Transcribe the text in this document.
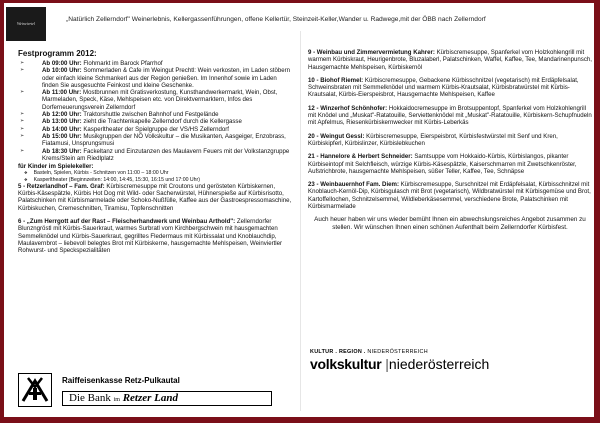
Weinviertel
„Natürlich Zellerndorf" Weinerlebnis, Kellergassenführungen, offene Kellertür, Steinzeit-Keller,Wander u. Radwege,mit der ÖBB nach Zellerndorf
Festprogramm 2012:
➢ Ab 09:00 Uhr: Flohmarkt im Barock Pfarrhof
➢ Ab 10:00 Uhr: Sommerladen & Cafe im Weingut Prechtl: Wein verkosten, im Laden stöbern oder einfach kleine Schmankerl aus der Region genießen. Im Innenhof sowie im Laden finden Sie ausgesuchte Feinkost und kleine Geschenke.
➢ Ab 11:00 Uhr: Mostbrunnen mit Gratisverkostung, Kunsthandwerkermarkt, Wein, Obst, Marmeladen, Speck, Käse, Mehlspeisen etc. von Direktvermarktern, Infos des Dorferneuerungsverein Zellerndorf
➢ Ab 12:00 Uhr: Traktorshuttle zwischen Bahnhof und Festgelände
➢ Ab 13:00 Uhr: zieht die Trachtenkapelle Zellerndorf durch die Kellergasse
➢ Ab 14:00 Uhr: Kasperltheater der Spielgruppe der VS/HS Zellerndorf
➢ Ab 15:00 Uhr: Musikgruppen der NÖ Volkskultur – die Musikanten, Aasgeiger, Enzobrass, Fiatamusi, Unsprungsmusi
➢ Ab 18:30 Uhr: Fackeltanz und Einzutanzen des Maulavern Feuers mit der Volkstanzgruppe Krems/Stein am Riedlplatz
für Kinder im Spielekeller:
❖ Basteln, Spielen, Kürbis - Schnitzen von 11:00 – 18:00 Uhr
❖ Kasperltheater (Beginnzeiten: 14:00, 14:45, 15:30, 16:15 und 17:00 Uhr)
5 - Retzerlandhof – Fam. Graf: Kürbiscremesuppe mit Croutons und gerösteten Kürbiskernen, Kürbis-Käsespätzle, Kürbis Hot Dog mit Wild- oder Sacherwürstel, Hühnerspieße auf Kürbisrisotto, Palatschinken mit Kürbismarmelade oder Schoko-Nußfülle, Kaffee aus der Gastroespressomaschine, Kürbiskuchen, Cremeschnitten, Tiramisu, Topfenschnitten
6 - „Zum Herrgott auf der Rast – Fleischerhandwerk und Weinbau Arthold": Zellerndorfer Blunzngröstl mit Kürbis-Sauerkraut, warmes Surbratl vom Kirchbergschwein mit hausgemachten Semmelknödel und Kürbis-Sauerkraut, gegrilltes Fledermaus mit Kürbissalat und Knoblauchdip, Maulavernbrot – liebevoll belegtes Brot mit Kürbiskerne, hausgemachte Mehlspeisen, Weinviertler Rohwurst- und Speckspezialitäten
9 - Weinbau und Zimmervermietung Kahrer: Kürbiscremesuppe, Spanferkel vom Holzkohlengrill mit warmem Kürbiskraut, Heurigenbrote, Bluzalaberl, Palatschinken, Waffel, Kaffee, Tee, Mandarinenpunsch, Hausgemachte Mehlspeisen, Kürbiskernöl
10 - Biohof Riemel: Kürbiscremesuppe, Gebackene Kürbisschnitzel (vegetarisch) mit Erdäpfelsalat, Schweinsbraten mit Semmelknödel und warmem Kürbis-Krautsalat, Kürbisbratwürstel mit Kürbis-Krautsalat, Kürbis-Eierspeisbrot, Hausgemachte Mehlspeisen, Kaffee
12 - Winzerhof Schönhofer: Hokkaidocremesuppe im Brotsuppentopf, Spanferkel vom Holzkohlengrill mit Knödel und „Muskat"-Ratatouille, Serviettenknödel mit „Muskat"-Ratatouille, Kürbiskern-Schupfnudeln mit Apfelmus, Riesenkürbiskernwecker mit Kürbis-Leberkäs
20 - Weingut Gessl: Kürbiscremesuppe, Eierspeisbrot, Kürbisfestwürstel mit Senf und Kren, Kürbiskipferl, Kürbislinzer, Kürbislebkuchen
21 - Hannelore & Herbert Schneider: Samtsuppe vom Hokkaido-Kürbis, Kürbislangos, pikanter Kürbiseintopf mit Selchfleisch, würzige Kürbis-Käsespätzle, Kaiserschmarren mit Zwetschkenröster, Aufstrichbrote, hausgemachte Mehlspeisen, süßer Teller, Kaffee, Tee, Schnäpse
23 - Weinbauernhof Fam. Diem: Kürbiscremesuppe, Surschnitzel mit Erdäpfelsalat, Kürbisschnitzel mit Knoblauch-Kernöl-Dip, Kürbisgulasch mit Brot (vegetarisch), Wildbratwürstel mit Kürbisgemüse und Brot, Kartoffellochen, Schnitzelsemmel, Wildleberkäsesemmel, verschiedene Brote, Palatschinken mit Kürbismarmelade
Auch heuer haben wir uns wieder bemüht Ihnen ein abwechslungsreiches Angebot zusammen zu stellen. Wir wünschen Ihnen einen schönen Aufenthalt beim Zellerndorfer Kürbisfest.
Raiffeisenkasse Retz-Pulkautal
Die Bank im Retzer Land
KULTUR . REGION . NIEDERÖSTERREICH
volkskultur |niederösterreich
